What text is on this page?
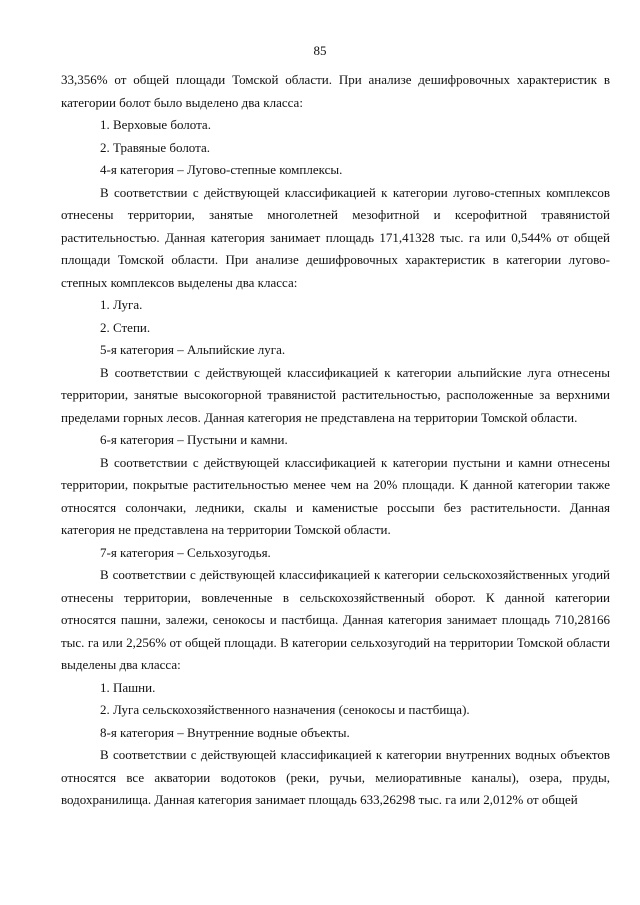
85

33,356% от общей площади Томской области. При анализе дешифровочных характеристик в категории болот было выделено два класса:

1. Верховые болота.

2. Травяные болота.

4-я категория – Лугово-степные комплексы.

В соответствии с действующей классификацией к категории лугово-степных комплексов отнесены территории, занятые многолетней мезофитной и ксерофитной травянистой растительностью. Данная категория занимает площадь 171,41328 тыс. га или 0,544% от общей площади Томской области. При анализе дешифровочных характеристик в категории лугово-степных комплексов выделены два класса:

1. Луга.

2. Степи.

5-я категория – Альпийские луга.

В соответствии с действующей классификацией к категории альпийские луга отнесены территории, занятые высокогорной травянистой растительностью, расположенные за верхними пределами горных лесов. Данная категория не представлена на территории Томской области.

6-я категория – Пустыни и камни.

В соответствии с действующей классификацией к категории пустыни и камни отнесены территории, покрытые растительностью менее чем на 20% площади. К данной категории также относятся солончаки, ледники, скалы и каменистые россыпи без растительности. Данная категория не представлена на территории Томской области.

7-я категория – Сельхозугодья.

В соответствии с действующей классификацией к категории сельскохозяйственных угодий отнесены территории, вовлеченные в сельскохозяйственный оборот. К данной категории относятся пашни, залежи, сенокосы и пастбища. Данная категория занимает площадь 710,28166 тыс. га или 2,256% от общей площади. В категории сельхозугодий на территории Томской области выделены два класса:

1. Пашни.

2. Луга сельскохозяйственного назначения (сенокосы и пастбища).

8-я категория – Внутренние водные объекты.

В соответствии с действующей классификацией к категории внутренних водных объектов относятся все акватории водотоков (реки, ручьи, мелиоративные каналы), озера, пруды, водохранилища. Данная категория занимает площадь 633,26298 тыс. га или 2,012% от общей
